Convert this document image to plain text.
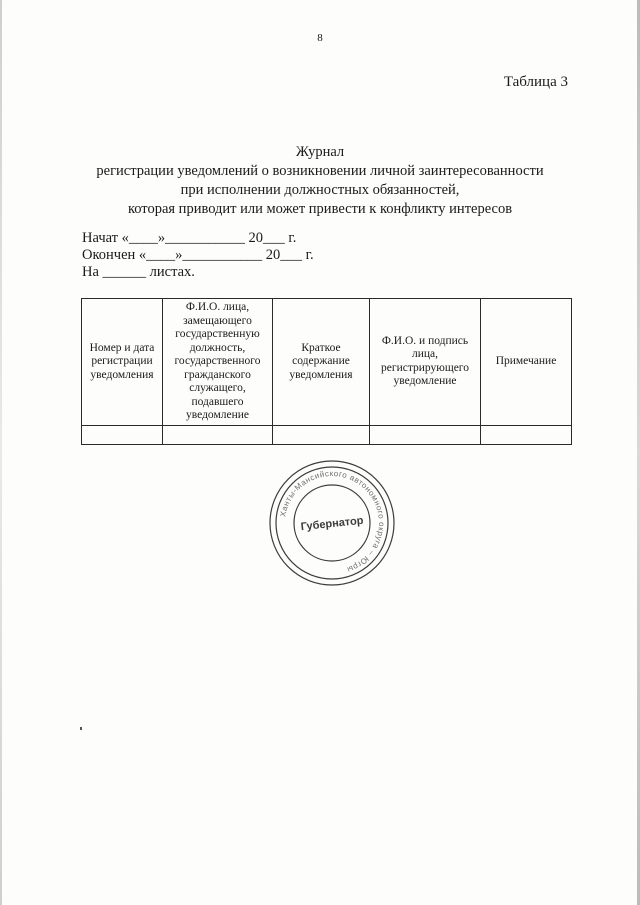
8
Таблица 3
Журнал
регистрации уведомлений о возникновении личной заинтересованности
при исполнении должностных обязанностей,
которая приводит или может привести к конфликту интересов
Начат «____»___________ 20___ г.
Окончен «____»___________ 20___ г.
На ______ листах.
Номер и дата регистрации уведомления	Ф.И.О. лица, замещающего государственную должность, государственного гражданского служащего, подавшего уведомление	Краткое содержание уведомления	Ф.И.О. и подпись лица, регистрирующего уведомление	Примечание

Ханты-Мансийского автономного округа – Югры
Губернатор
